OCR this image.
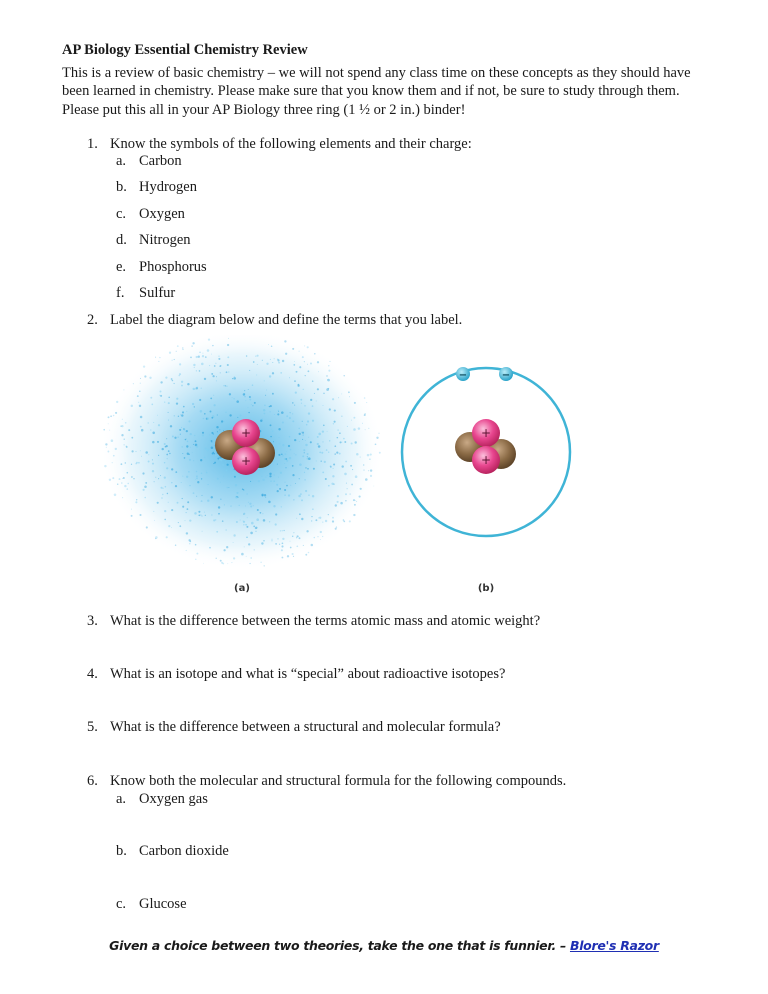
AP Biology Essential Chemistry Review
This is a review of basic chemistry – we will not spend any class time on these concepts as they should have been learned in chemistry. Please make sure that you know them and if not, be sure to study through them. Please put this all in your AP Biology three ring (1 ½ or 2 in.) binder!
1. Know the symbols of the following elements and their charge:
a. Carbon
b. Hydrogen
c. Oxygen
d. Nitrogen
e. Phosphorus
f. Sulfur
2. Label the diagram below and define the terms that you label.
+
+
(a)
−	−
+
+
(b)
3. What is the difference between the terms atomic mass and atomic weight?
4. What is an isotope and what is “special” about radioactive isotopes?
5. What is the difference between a structural and molecular formula?
6. Know both the molecular and structural formula for the following compounds.
a. Oxygen gas
b. Carbon dioxide
c. Glucose
Given a choice between two theories, take the one that is funnier. – Blore's Razor
